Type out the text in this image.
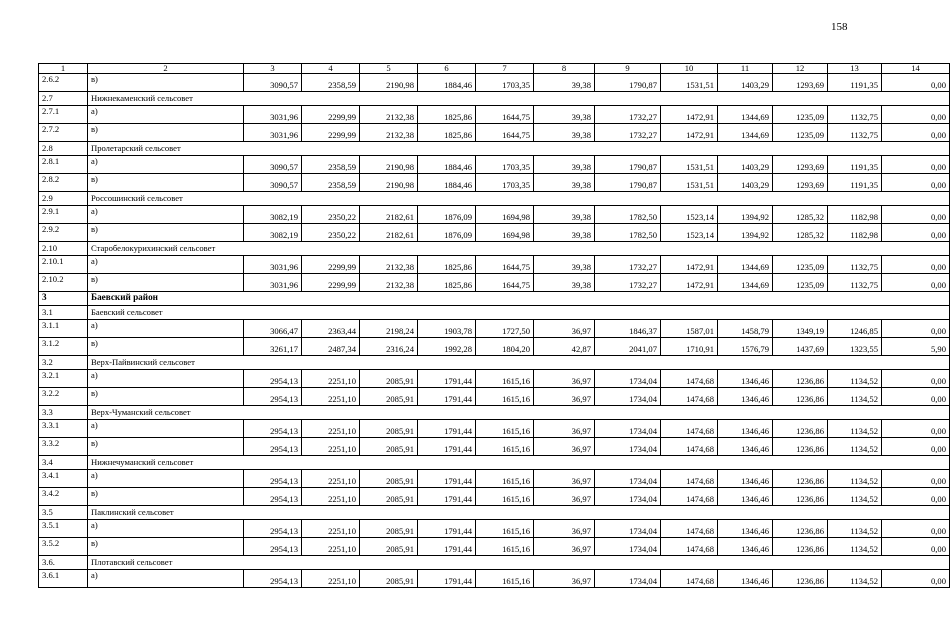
158
1	2	3	4	5	6	7	8	9	10	11	12	13	14
2.6.2	в)	3090,57	2358,59	2190,98	1884,46	1703,35	39,38	1790,87	1531,51	1403,29	1293,69	1191,35	0,00
2.7	Нижнекаменский сельсовет												
2.7.1	а)	3031,96	2299,99	2132,38	1825,86	1644,75	39,38	1732,27	1472,91	1344,69	1235,09	1132,75	0,00
2.7.2	в)	3031,96	2299,99	2132,38	1825,86	1644,75	39,38	1732,27	1472,91	1344,69	1235,09	1132,75	0,00
2.8	Пролетарский сельсовет												
2.8.1	а)	3090,57	2358,59	2190,98	1884,46	1703,35	39,38	1790,87	1531,51	1403,29	1293,69	1191,35	0,00
2.8.2	в)	3090,57	2358,59	2190,98	1884,46	1703,35	39,38	1790,87	1531,51	1403,29	1293,69	1191,35	0,00
2.9	Россошинский сельсовет												
2.9.1	а)	3082,19	2350,22	2182,61	1876,09	1694,98	39,38	1782,50	1523,14	1394,92	1285,32	1182,98	0,00
2.9.2	в)	3082,19	2350,22	2182,61	1876,09	1694,98	39,38	1782,50	1523,14	1394,92	1285,32	1182,98	0,00
2.10	Старобелокурихинский сельсовет												
2.10.1	а)	3031,96	2299,99	2132,38	1825,86	1644,75	39,38	1732,27	1472,91	1344,69	1235,09	1132,75	0,00
2.10.2	в)	3031,96	2299,99	2132,38	1825,86	1644,75	39,38	1732,27	1472,91	1344,69	1235,09	1132,75	0,00
3	Баевский район												
3.1	Баевский сельсовет												
3.1.1	а)	3066,47	2363,44	2198,24	1903,78	1727,50	36,97	1846,37	1587,01	1458,79	1349,19	1246,85	0,00
3.1.2	в)	3261,17	2487,34	2316,24	1992,28	1804,20	42,87	2041,07	1710,91	1576,79	1437,69	1323,55	5,90
3.2	Верх-Пайвинский сельсовет												
3.2.1	а)	2954,13	2251,10	2085,91	1791,44	1615,16	36,97	1734,04	1474,68	1346,46	1236,86	1134,52	0,00
3.2.2	в)	2954,13	2251,10	2085,91	1791,44	1615,16	36,97	1734,04	1474,68	1346,46	1236,86	1134,52	0,00
3.3	Верх-Чуманский сельсовет												
3.3.1	а)	2954,13	2251,10	2085,91	1791,44	1615,16	36,97	1734,04	1474,68	1346,46	1236,86	1134,52	0,00
3.3.2	в)	2954,13	2251,10	2085,91	1791,44	1615,16	36,97	1734,04	1474,68	1346,46	1236,86	1134,52	0,00
3.4	Нижнечуманский сельсовет												
3.4.1	а)	2954,13	2251,10	2085,91	1791,44	1615,16	36,97	1734,04	1474,68	1346,46	1236,86	1134,52	0,00
3.4.2	в)	2954,13	2251,10	2085,91	1791,44	1615,16	36,97	1734,04	1474,68	1346,46	1236,86	1134,52	0,00
3.5	Паклинский сельсовет												
3.5.1	а)	2954,13	2251,10	2085,91	1791,44	1615,16	36,97	1734,04	1474,68	1346,46	1236,86	1134,52	0,00
3.5.2	в)	2954,13	2251,10	2085,91	1791,44	1615,16	36,97	1734,04	1474,68	1346,46	1236,86	1134,52	0,00
3.6.	Плотавский сельсовет												
3.6.1	а)	2954,13	2251,10	2085,91	1791,44	1615,16	36,97	1734,04	1474,68	1346,46	1236,86	1134,52	0,00
